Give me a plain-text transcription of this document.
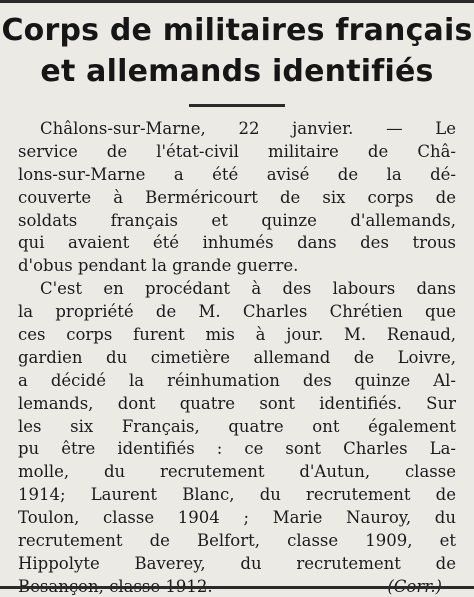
Corps de militaires français
et allemands identifiés
Châlons-sur-Marne, 22 janvier. — Le
service de l'état-civil militaire de Châ-
lons-sur-Marne a été avisé de la dé-
couverte à Berméricourt de six corps de
soldats français et quinze d'allemands,
qui avaient été inhumés dans des trous
d'obus pendant la grande guerre.
C'est en procédant à des labours dans
la propriété de M. Charles Chrétien que
ces corps furent mis à jour. M. Renaud,
gardien du cimetière allemand de Loivre,
a décidé la réinhumation des quinze Al-
lemands, dont quatre sont identifiés. Sur
les six Français, quatre ont également
pu être identifiés : ce sont Charles La-
molle, du recrutement d'Autun, classe
1914; Laurent Blanc, du recrutement de
Toulon, classe 1904 ; Marie Nauroy, du
recrutement de Belfort, classe 1909, et
Hippolyte Baverey, du recrutement de
